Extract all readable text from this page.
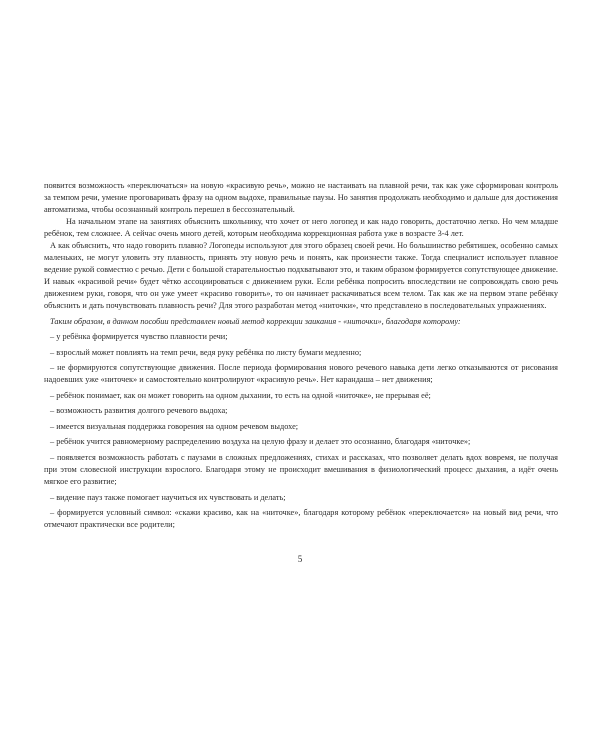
появится возможность «переключаться» на новую «красивую речь», можно не настаивать на плавной речи, так как уже сформирован контроль за темпом речи, умение проговаривать фразу на одном выдохе, правильные паузы. Но занятия продолжать необходимо и дальше для достижения автоматизма, чтобы осознанный контроль перешел в бессознательный.

На начальном этапе на занятиях объяснить школьнику, что хочет от него логопед и как надо говорить, достаточно легко. Но чем младше ребёнок, тем сложнее. А сейчас очень много детей, которым необходима коррекционная работа уже в возрасте 3-4 лет.

А как объяснить, что надо говорить плавно? Логопеды используют для этого образец своей речи. Но большинство ребятишек, особенно самых маленьких, не могут уловить эту плавность, принять эту новую речь и понять, как произнести также. Тогда специалист использует плавное ведение рукой совместно с речью. Дети с большой старательностью подхватывают это, и таким образом формируется сопутствующее движение. И навык «красивой речи» будет чётко ассоциироваться с движением руки. Если ребёнка попросить впоследствии не сопровождать свою речь движением руки, говоря, что он уже умеет «красиво говорить», то он начинает раскачиваться всем телом. Так как же на первом этапе ребёнку объяснить и дать почувствовать плавность речи? Для этого разработан метод «ниточки», что представлено в последовательных упражнениях.

Таким образом, в данном пособии представлен новый метод коррекции заикания - «ниточки», благодаря которому:

– у ребёнка формируется чувство плавности речи;

– взрослый может повлиять на темп речи, ведя руку ребёнка по листу бумаги медленно;

– не формируются сопутствующие движения. После периода формирования нового речевого навыка дети легко отказываются от рисования надоевших уже «ниточек» и самостоятельно контролируют «красивую речь». Нет карандаша – нет движения;

– ребёнок понимает, как он может говорить на одном дыхании, то есть на одной «ниточке», не прерывая её;

– возможность развития долгого речевого выдоха;

– имеется визуальная поддержка говорения на одном речевом выдохе;

– ребёнок учится равномерному распределению воздуха на целую фразу и делает это осознанно, благодаря «ниточке»;

– появляется возможность работать с паузами в сложных предложениях, стихах и рассказах, что позволяет делать вдох вовремя, не получая при этом словесной инструкции взрослого. Благодаря этому не происходит вмешивания в физиологический процесс дыхания, а идёт очень мягкое его развитие;

– видение пауз также помогает научиться их чувствовать и делать;

– формируется условный символ: «скажи красиво, как на «ниточке», благодаря которому ребёнок «переключается» на новый вид речи, что отмечают практически все родители;

5
